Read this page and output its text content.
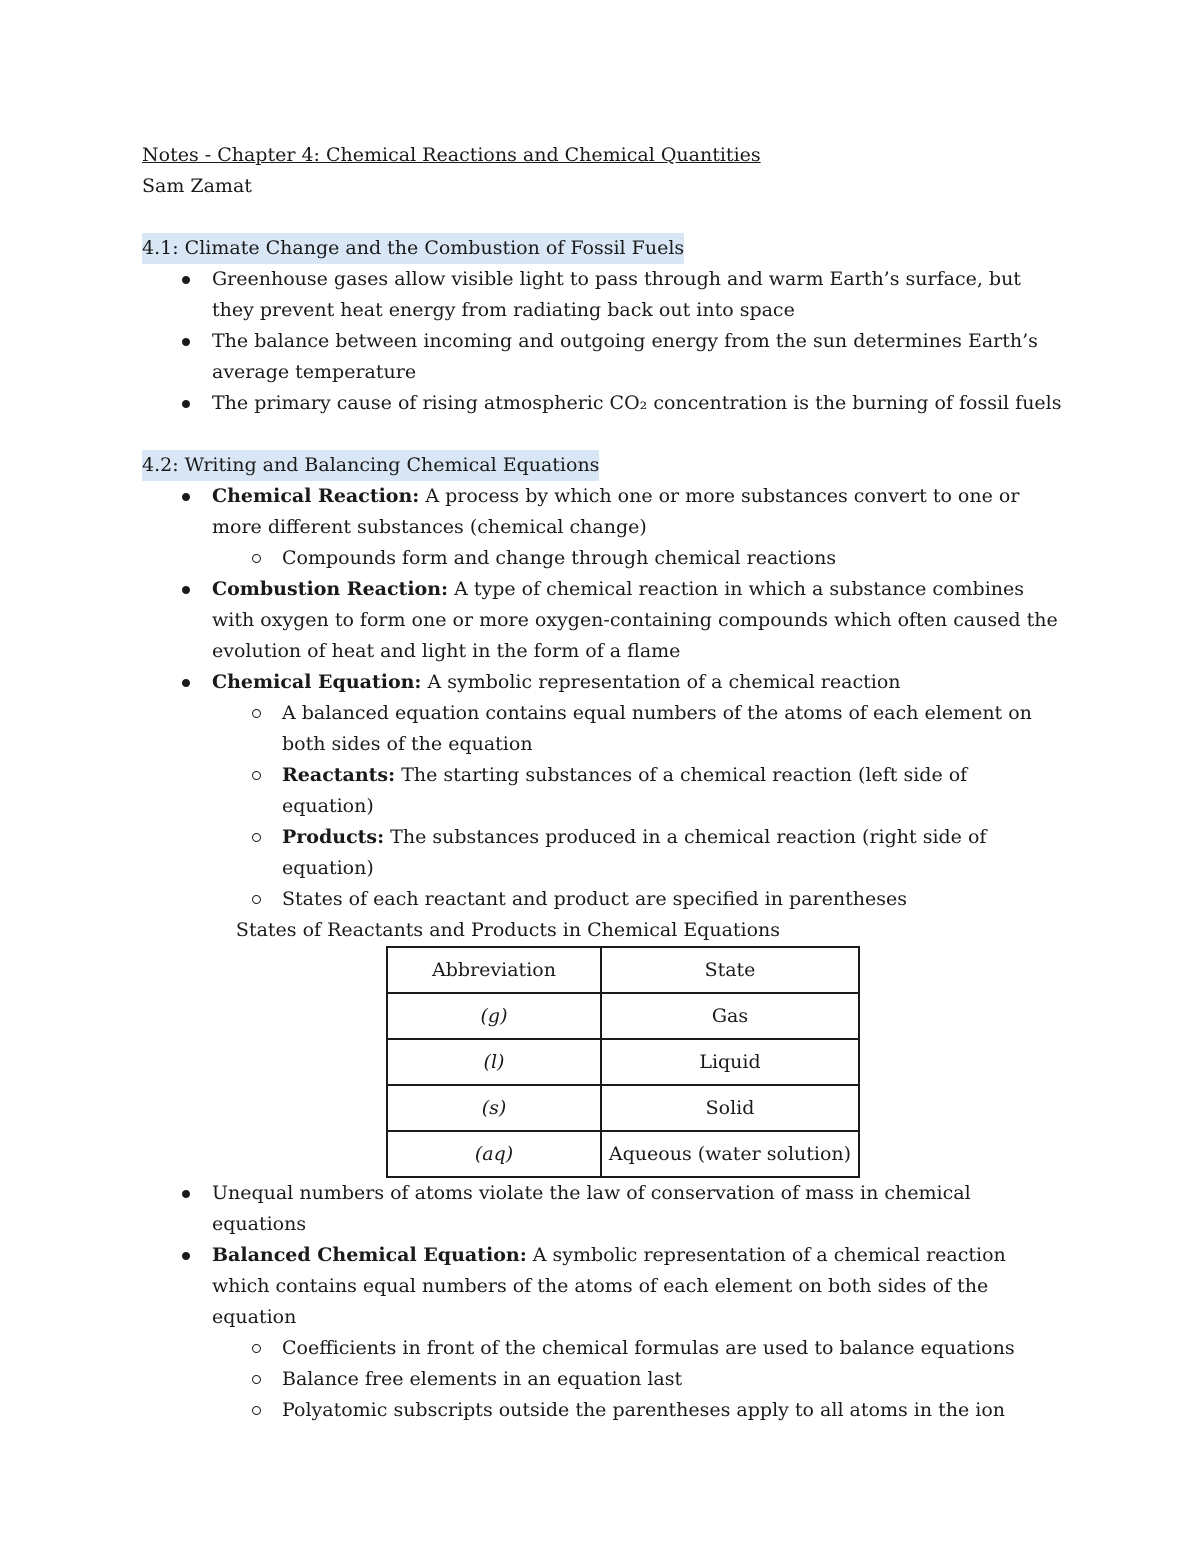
Notes - Chapter 4: Chemical Reactions and Chemical Quantities
Sam Zamat
4.1: Climate Change and the Combustion of Fossil Fuels
Greenhouse gases allow visible light to pass through and warm Earth’s surface, but they prevent heat energy from radiating back out into space
The balance between incoming and outgoing energy from the sun determines Earth’s average temperature
The primary cause of rising atmospheric CO₂ concentration is the burning of fossil fuels
4.2: Writing and Balancing Chemical Equations
Chemical Reaction: A process by which one or more substances convert to one or more different substances (chemical change)
Compounds form and change through chemical reactions
Combustion Reaction: A type of chemical reaction in which a substance combines with oxygen to form one or more oxygen-containing compounds which often caused the evolution of heat and light in the form of a flame
Chemical Equation: A symbolic representation of a chemical reaction
A balanced equation contains equal numbers of the atoms of each element on both sides of the equation
Reactants: The starting substances of a chemical reaction (left side of equation)
Products: The substances produced in a chemical reaction (right side of equation)
States of each reactant and product are specified in parentheses
States of Reactants and Products in Chemical Equations
Abbreviation	State
(g)	Gas
(l)	Liquid
(s)	Solid
(aq)	Aqueous (water solution)
Unequal numbers of atoms violate the law of conservation of mass in chemical equations
Balanced Chemical Equation: A symbolic representation of a chemical reaction which contains equal numbers of the atoms of each element on both sides of the equation
Coefficients in front of the chemical formulas are used to balance equations
Balance free elements in an equation last
Polyatomic subscripts outside the parentheses apply to all atoms in the ion
